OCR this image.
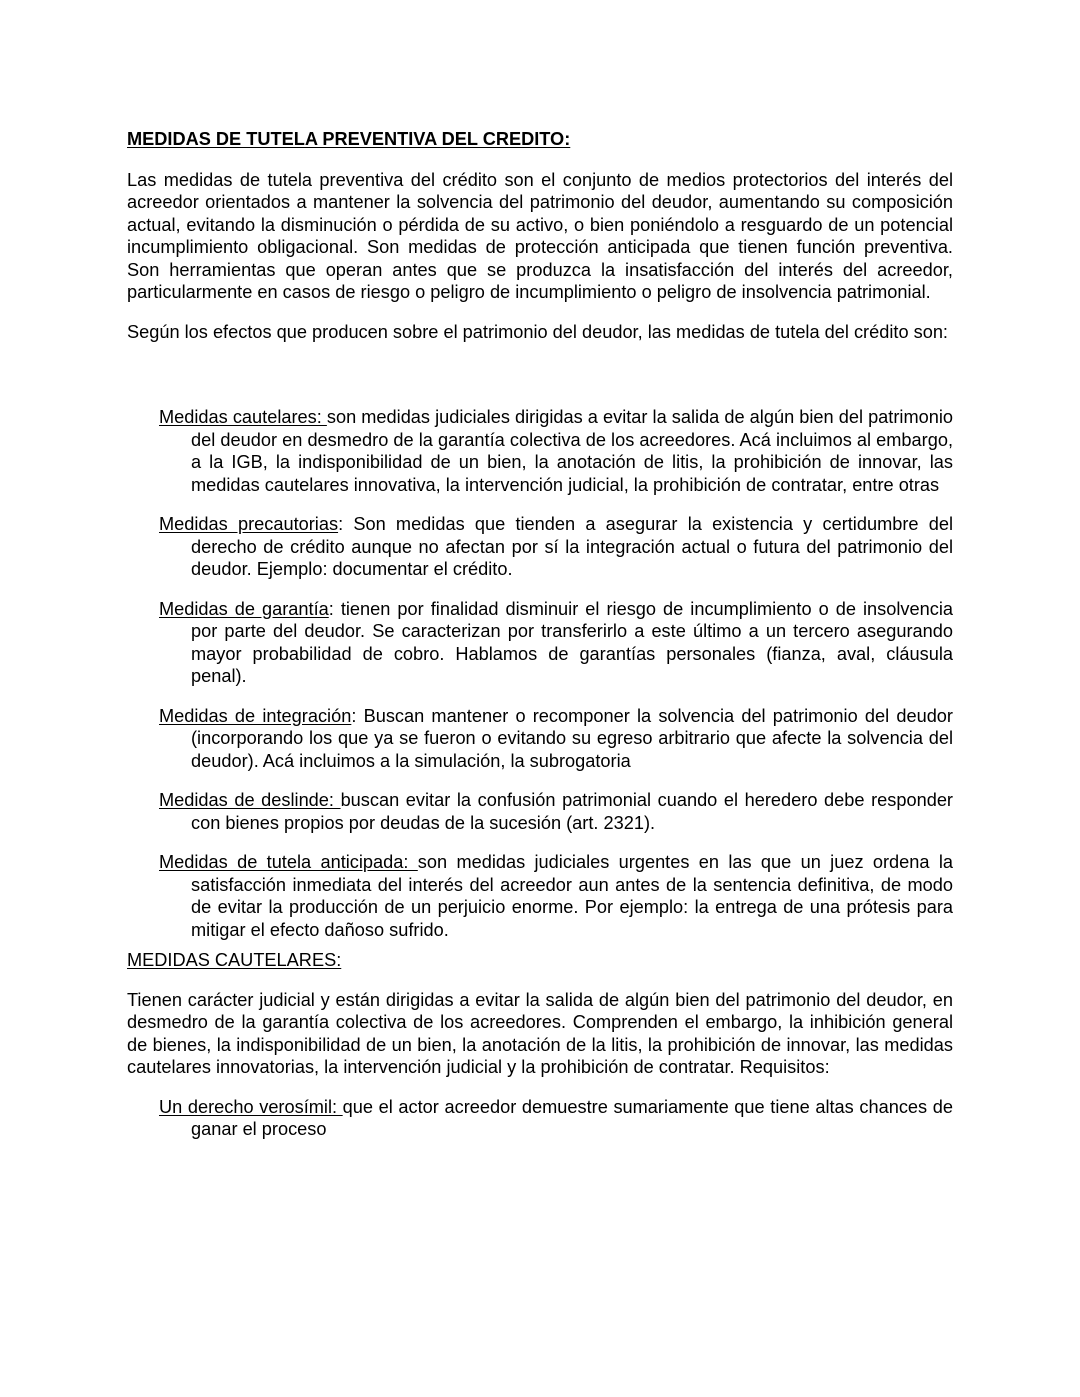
MEDIDAS DE TUTELA PREVENTIVA DEL CREDITO:

Las medidas de tutela preventiva del crédito son el conjunto de medios protectorios del interés del acreedor orientados a mantener la solvencia del patrimonio del deudor, aumentando su composición actual, evitando la disminución o pérdida de su activo, o bien poniéndolo a resguardo de un potencial incumplimiento obligacional. Son medidas de protección anticipada que tienen función preventiva. Son herramientas que operan antes que se produzca la insatisfacción del interés del acreedor, particularmente en casos de riesgo o peligro de incumplimiento o peligro de insolvencia patrimonial.

Según los efectos que producen sobre el patrimonio del deudor, las medidas de tutela del crédito son:

Medidas cautelares: son medidas judiciales dirigidas a evitar la salida de algún bien del patrimonio del deudor en desmedro de la garantía colectiva de los acreedores. Acá incluimos al embargo, a la IGB, la indisponibilidad de un bien, la anotación de litis, la prohibición de innovar, las medidas cautelares innovativa, la intervención judicial, la prohibición de contratar, entre otras
Medidas precautorias: Son medidas que tienden a asegurar la existencia y certidumbre del derecho de crédito aunque no afectan por sí la integración actual o futura del patrimonio del deudor. Ejemplo: documentar el crédito.
Medidas de garantía: tienen por finalidad disminuir el riesgo de incumplimiento o de insolvencia por parte del deudor. Se caracterizan por transferirlo a este último a un tercero asegurando mayor probabilidad de cobro. Hablamos de garantías personales (fianza, aval, cláusula penal).
Medidas de integración: Buscan mantener o recomponer la solvencia del patrimonio del deudor (incorporando los que ya se fueron o evitando su egreso arbitrario que afecte la solvencia del deudor). Acá incluimos a la simulación, la subrogatoria
Medidas de deslinde: buscan evitar la confusión patrimonial cuando el heredero debe responder con bienes propios por deudas de la sucesión (art. 2321).
Medidas de tutela anticipada: son medidas judiciales urgentes en las que un juez ordena la satisfacción inmediata del interés del acreedor aun antes de la sentencia definitiva, de modo de evitar la producción de un perjuicio enorme. Por ejemplo: la entrega de una prótesis para mitigar el efecto dañoso sufrido.
MEDIDAS CAUTELARES:

Tienen carácter judicial y están dirigidas a evitar la salida de algún bien del patrimonio del deudor, en desmedro de la garantía colectiva de los acreedores. Comprenden el embargo, la inhibición general de bienes, la indisponibilidad de un bien, la anotación de la litis, la prohibición de innovar, las medidas cautelares innovatorias, la intervención judicial y la prohibición de contratar. Requisitos:

Un derecho verosímil: que el actor acreedor demuestre sumariamente que tiene altas chances de ganar el proceso
